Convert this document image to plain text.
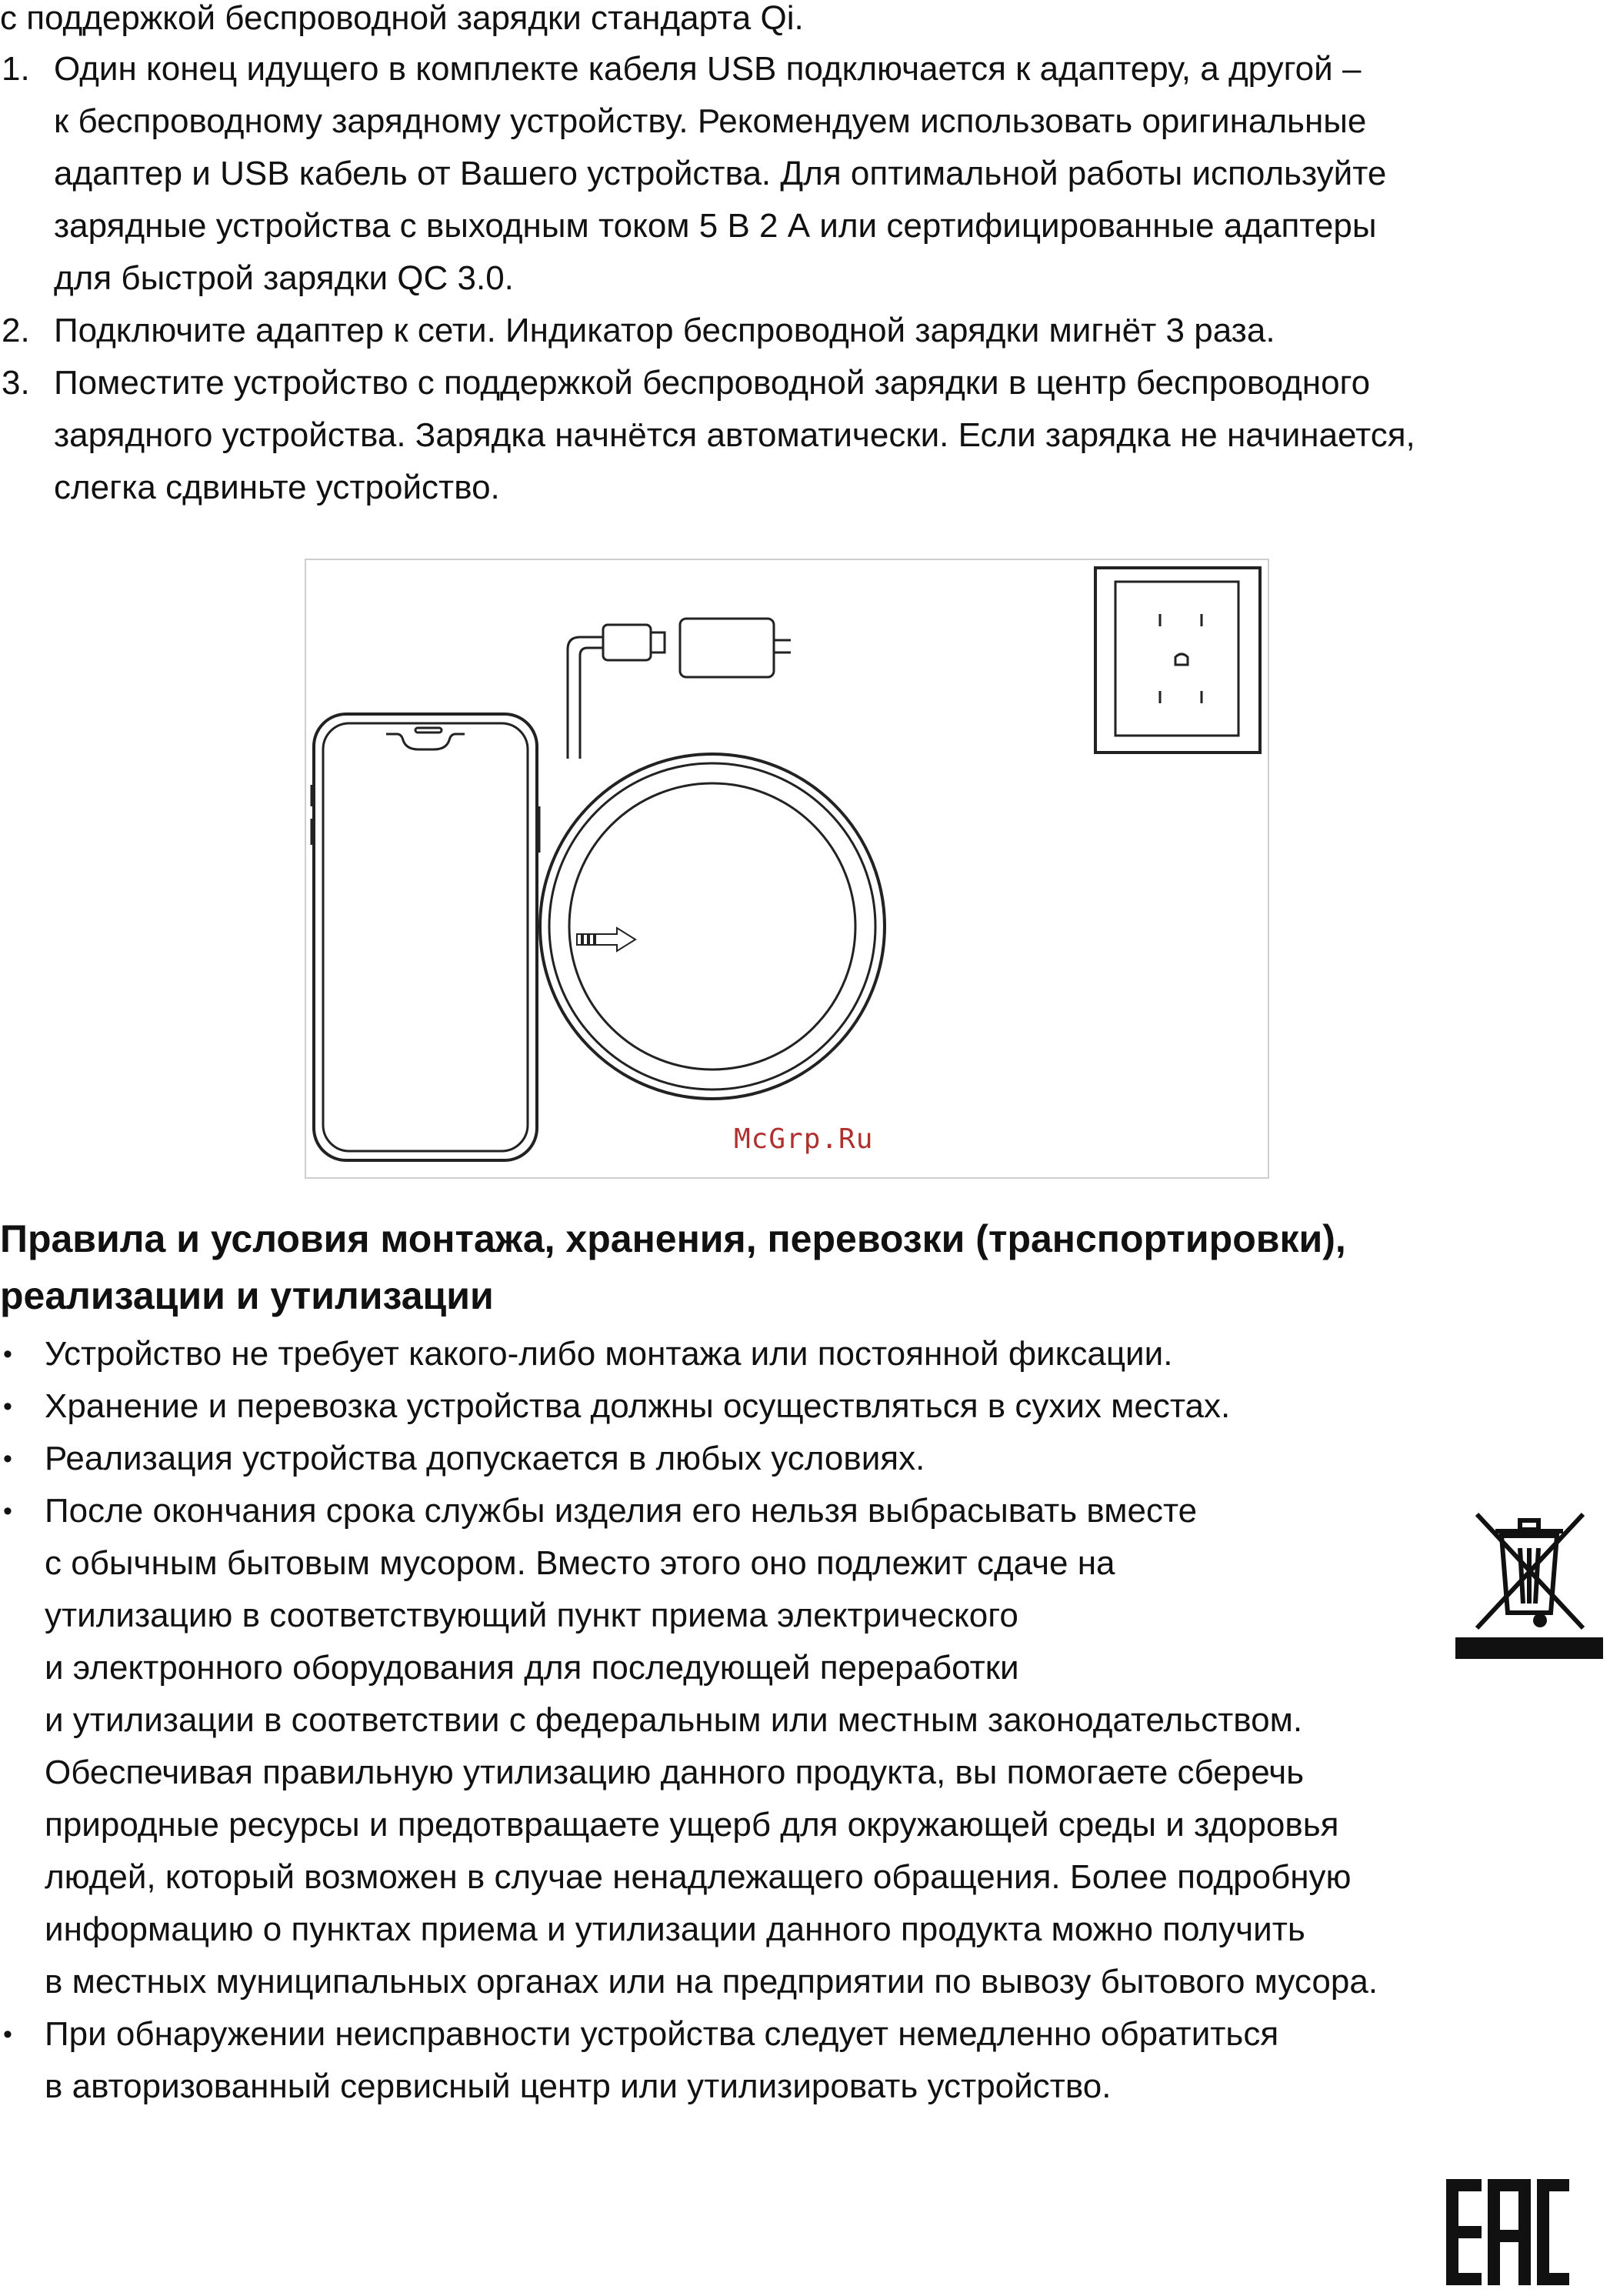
с поддержкой беспроводной зарядки стандарта Qi.
1. Один конец идущего в комплекте кабеля USB подключается к адаптеру, а другой –
к беспроводному зарядному устройству. Рекомендуем использовать оригинальные
адаптер и USB кабель от Вашего устройства. Для оптимальной работы используйте
зарядные устройства с выходным током 5 В 2 А или сертифицированные адаптеры
для быстрой зарядки QC 3.0.
2. Подключите адаптер к сети. Индикатор беспроводной зарядки мигнёт 3 раза.
3. Поместите устройство с поддержкой беспроводной зарядки в центр беспроводного
зарядного устройства. Зарядка начнётся автоматически. Если зарядка не начинается,
слегка сдвиньте устройство.
McGrp.Ru
Правила и условия монтажа, хранения, перевозки (транспортировки),
реализации и утилизации
• Устройство не требует какого-либо монтажа или постоянной фиксации.
• Хранение и перевозка устройства должны осуществляться в сухих местах.
• Реализация устройства допускается в любых условиях.
• После окончания срока службы изделия его нельзя выбрасывать вместе
с обычным бытовым мусором. Вместо этого оно подлежит сдаче на
утилизацию в соответствующий пункт приема электрического
и электронного оборудования для последующей переработки
и утилизации в соответствии с федеральным или местным законодательством.
Обеспечивая правильную утилизацию данного продукта, вы помогаете сберечь
природные ресурсы и предотвращаете ущерб для окружающей среды и здоровья
людей, который возможен в случае ненадлежащего обращения. Более подробную
информацию о пунктах приема и утилизации данного продукта можно получить
в местных муниципальных органах или на предприятии по вывозу бытового мусора.
• При обнаружении неисправности устройства следует немедленно обратиться
в авторизованный сервисный центр или утилизировать устройство.
